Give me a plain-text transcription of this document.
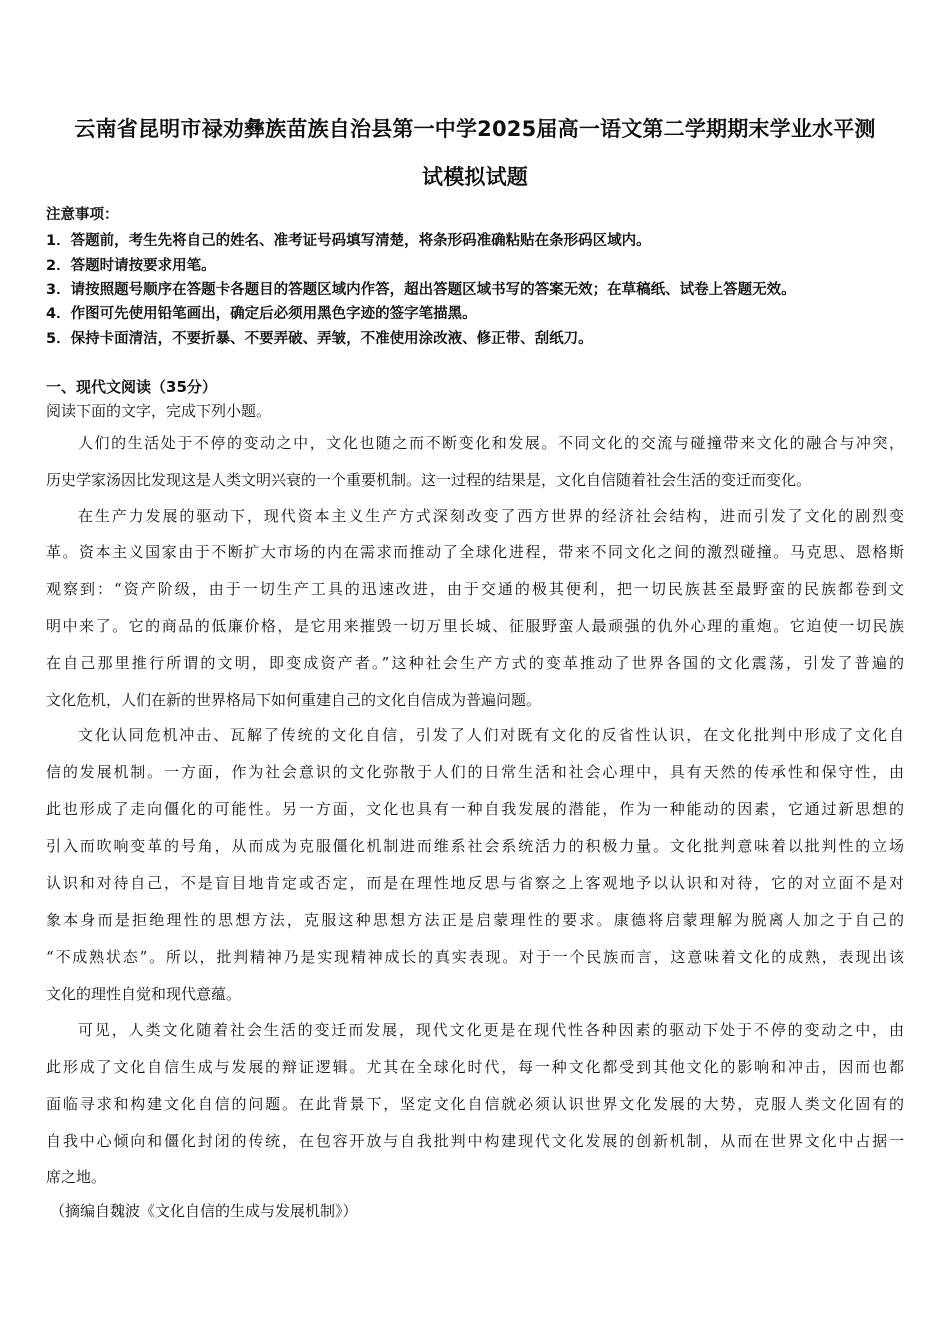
云南省昆明市禄劝彝族苗族自治县第一中学2025届高一语文第二学期期末学业水平测
试模拟试题
注意事项：
1．答题前，考生先将自己的姓名、准考证号码填写清楚，将条形码准确粘贴在条形码区域内。
2．答题时请按要求用笔。
3．请按照题号顺序在答题卡各题目的答题区域内作答，超出答题区域书写的答案无效；在草稿纸、试卷上答题无效。
4．作图可先使用铅笔画出，确定后必须用黑色字迹的签字笔描黑。
5．保持卡面清洁，不要折暴、不要弄破、弄皱，不准使用涂改液、修正带、刮纸刀。
一、现代文阅读（35分）
阅读下面的文字，完成下列小题。
人们的生活处于不停的变动之中，文化也随之而不断变化和发展。不同文化的交流与碰撞带来文化的融合与冲突，
历史学家汤因比发现这是人类文明兴衰的一个重要机制。这一过程的结果是，文化自信随着社会生活的变迁而变化。
在生产力发展的驱动下，现代资本主义生产方式深刻改变了西方世界的经济社会结构，进而引发了文化的剧烈变
革。资本主义国家由于不断扩大市场的内在需求而推动了全球化进程，带来不同文化之间的激烈碰撞。马克思、恩格斯
观察到：“资产阶级，由于一切生产工具的迅速改进，由于交通的极其便利，把一切民族甚至最野蛮的民族都卷到文
明中来了。它的商品的低廉价格，是它用来摧毁一切万里长城、征服野蛮人最顽强的仇外心理的重炮。它迫使一切民族
在自己那里推行所谓的文明，即变成资产者。”这种社会生产方式的变革推动了世界各国的文化震荡，引发了普遍的
文化危机，人们在新的世界格局下如何重建自己的文化自信成为普遍问题。
文化认同危机冲击、瓦解了传统的文化自信，引发了人们对既有文化的反省性认识，在文化批判中形成了文化自
信的发展机制。一方面，作为社会意识的文化弥散于人们的日常生活和社会心理中，具有天然的传承性和保守性，由
此也形成了走向僵化的可能性。另一方面，文化也具有一种自我发展的潜能，作为一种能动的因素，它通过新思想的
引入而吹响变革的号角，从而成为克服僵化机制进而维系社会系统活力的积极力量。文化批判意味着以批判性的立场
认识和对待自己，不是盲目地肯定或否定，而是在理性地反思与省察之上客观地予以认识和对待，它的对立面不是对
象本身而是拒绝理性的思想方法，克服这种思想方法正是启蒙理性的要求。康德将启蒙理解为脱离人加之于自己的
“不成熟状态”。所以，批判精神乃是实现精神成长的真实表现。对于一个民族而言，这意味着文化的成熟，表现出该
文化的理性自觉和现代意蕴。
可见，人类文化随着社会生活的变迁而发展，现代文化更是在现代性各种因素的驱动下处于不停的变动之中，由
此形成了文化自信生成与发展的辩证逻辑。尤其在全球化时代，每一种文化都受到其他文化的影响和冲击，因而也都
面临寻求和构建文化自信的问题。在此背景下，坚定文化自信就必须认识世界文化发展的大势，克服人类文化固有的
自我中心倾向和僵化封闭的传统，在包容开放与自我批判中构建现代文化发展的创新机制，从而在世界文化中占据一
席之地。
（摘编自魏波《文化自信的生成与发展机制》）
